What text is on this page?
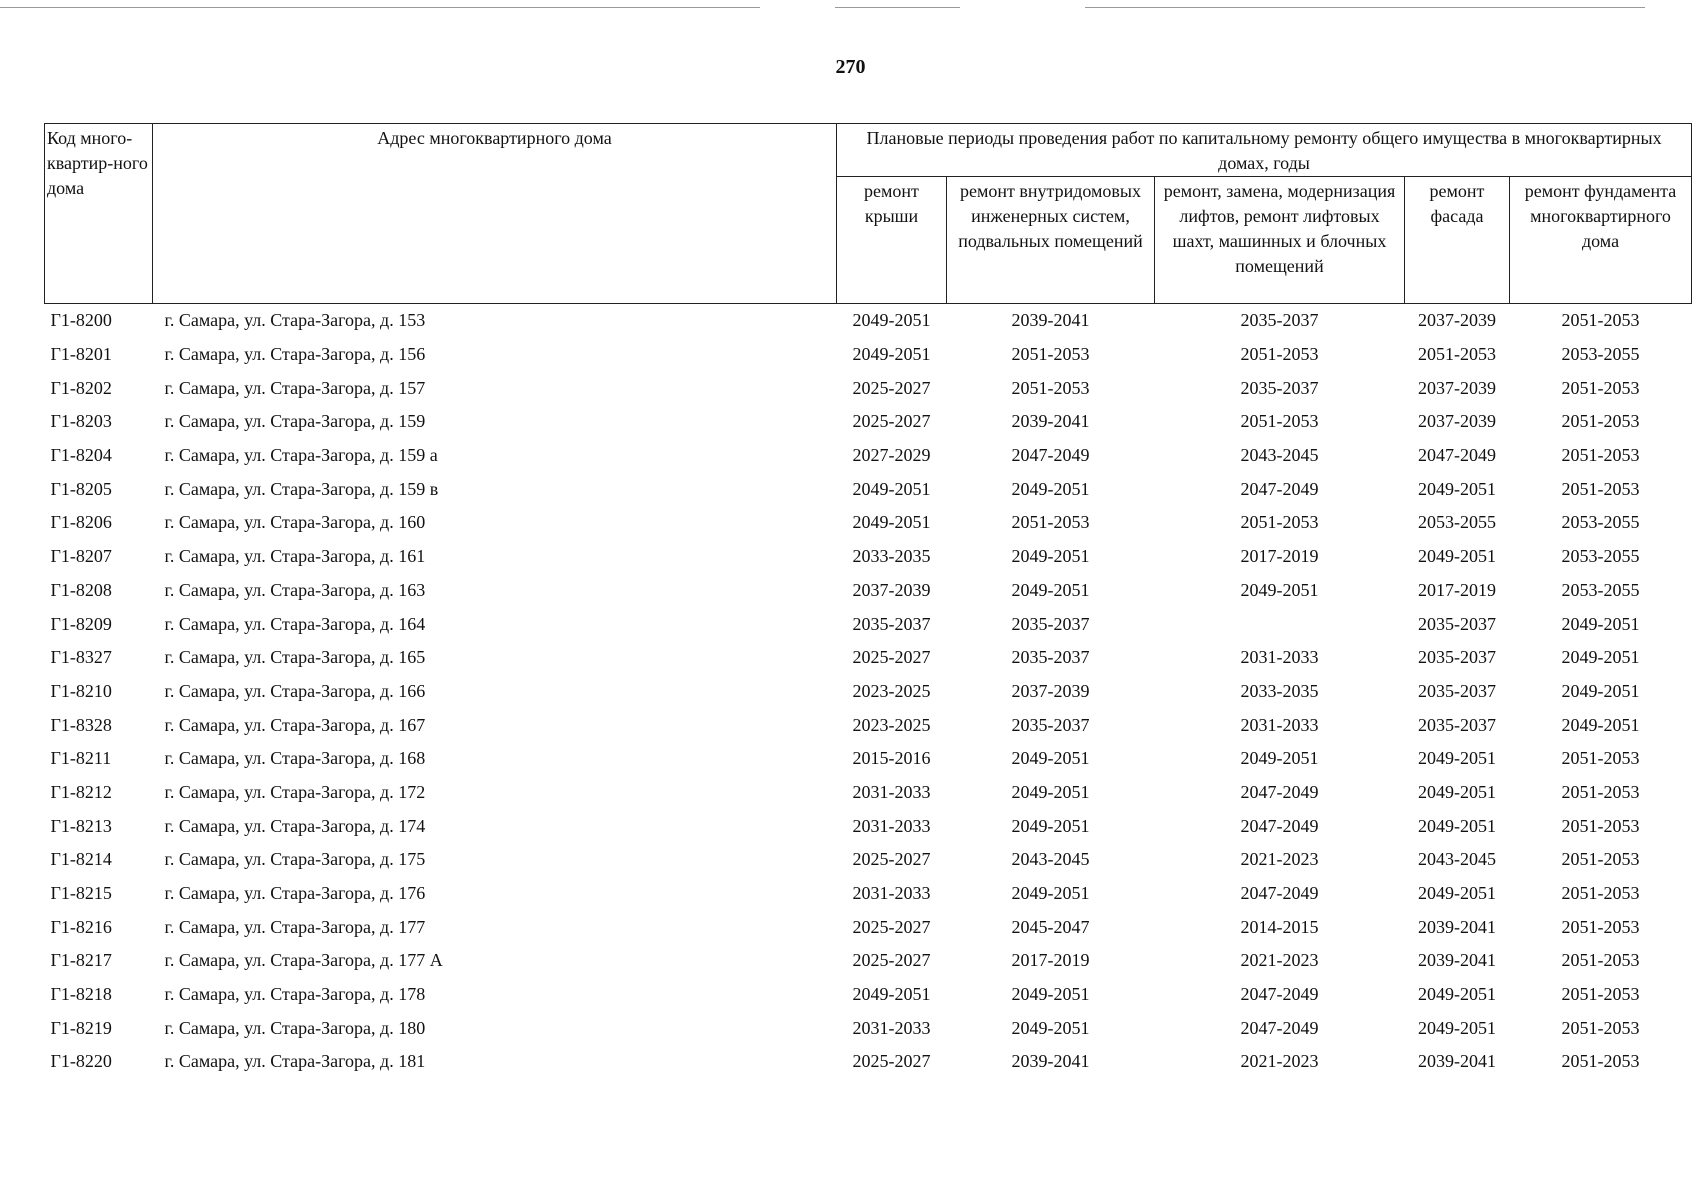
270
Код много-квартир-ного дома	Адрес многоквартирного дома	Плановые периоды проведения работ по капитальному ремонту общего имущества в многоквартирных домах, годы				
		ремонт крыши	ремонт внутридомовых инженерных систем, подвальных помещений	ремонт, замена, модернизация лифтов, ремонт лифтовых шахт, машинных и блочных помещений	ремонт фасада	ремонт фундамента многоквартирного дома
Г1-8200	г. Самара, ул. Стара-Загора, д. 153	2049-2051	2039-2041	2035-2037	2037-2039	2051-2053
Г1-8201	г. Самара, ул. Стара-Загора, д. 156	2049-2051	2051-2053	2051-2053	2051-2053	2053-2055
Г1-8202	г. Самара, ул. Стара-Загора, д. 157	2025-2027	2051-2053	2035-2037	2037-2039	2051-2053
Г1-8203	г. Самара, ул. Стара-Загора, д. 159	2025-2027	2039-2041	2051-2053	2037-2039	2051-2053
Г1-8204	г. Самара, ул. Стара-Загора, д. 159 а	2027-2029	2047-2049	2043-2045	2047-2049	2051-2053
Г1-8205	г. Самара, ул. Стара-Загора, д. 159 в	2049-2051	2049-2051	2047-2049	2049-2051	2051-2053
Г1-8206	г. Самара, ул. Стара-Загора, д. 160	2049-2051	2051-2053	2051-2053	2053-2055	2053-2055
Г1-8207	г. Самара, ул. Стара-Загора, д. 161	2033-2035	2049-2051	2017-2019	2049-2051	2053-2055
Г1-8208	г. Самара, ул. Стара-Загора, д. 163	2037-2039	2049-2051	2049-2051	2017-2019	2053-2055
Г1-8209	г. Самара, ул. Стара-Загора, д. 164	2035-2037	2035-2037		2035-2037	2049-2051
Г1-8327	г. Самара, ул. Стара-Загора, д. 165	2025-2027	2035-2037	2031-2033	2035-2037	2049-2051
Г1-8210	г. Самара, ул. Стара-Загора, д. 166	2023-2025	2037-2039	2033-2035	2035-2037	2049-2051
Г1-8328	г. Самара, ул. Стара-Загора, д. 167	2023-2025	2035-2037	2031-2033	2035-2037	2049-2051
Г1-8211	г. Самара, ул. Стара-Загора, д. 168	2015-2016	2049-2051	2049-2051	2049-2051	2051-2053
Г1-8212	г. Самара, ул. Стара-Загора, д. 172	2031-2033	2049-2051	2047-2049	2049-2051	2051-2053
Г1-8213	г. Самара, ул. Стара-Загора, д. 174	2031-2033	2049-2051	2047-2049	2049-2051	2051-2053
Г1-8214	г. Самара, ул. Стара-Загора, д. 175	2025-2027	2043-2045	2021-2023	2043-2045	2051-2053
Г1-8215	г. Самара, ул. Стара-Загора, д. 176	2031-2033	2049-2051	2047-2049	2049-2051	2051-2053
Г1-8216	г. Самара, ул. Стара-Загора, д. 177	2025-2027	2045-2047	2014-2015	2039-2041	2051-2053
Г1-8217	г. Самара, ул. Стара-Загора, д. 177 А	2025-2027	2017-2019	2021-2023	2039-2041	2051-2053
Г1-8218	г. Самара, ул. Стара-Загора, д. 178	2049-2051	2049-2051	2047-2049	2049-2051	2051-2053
Г1-8219	г. Самара, ул. Стара-Загора, д. 180	2031-2033	2049-2051	2047-2049	2049-2051	2051-2053
Г1-8220	г. Самара, ул. Стара-Загора, д. 181	2025-2027	2039-2041	2021-2023	2039-2041	2051-2053
